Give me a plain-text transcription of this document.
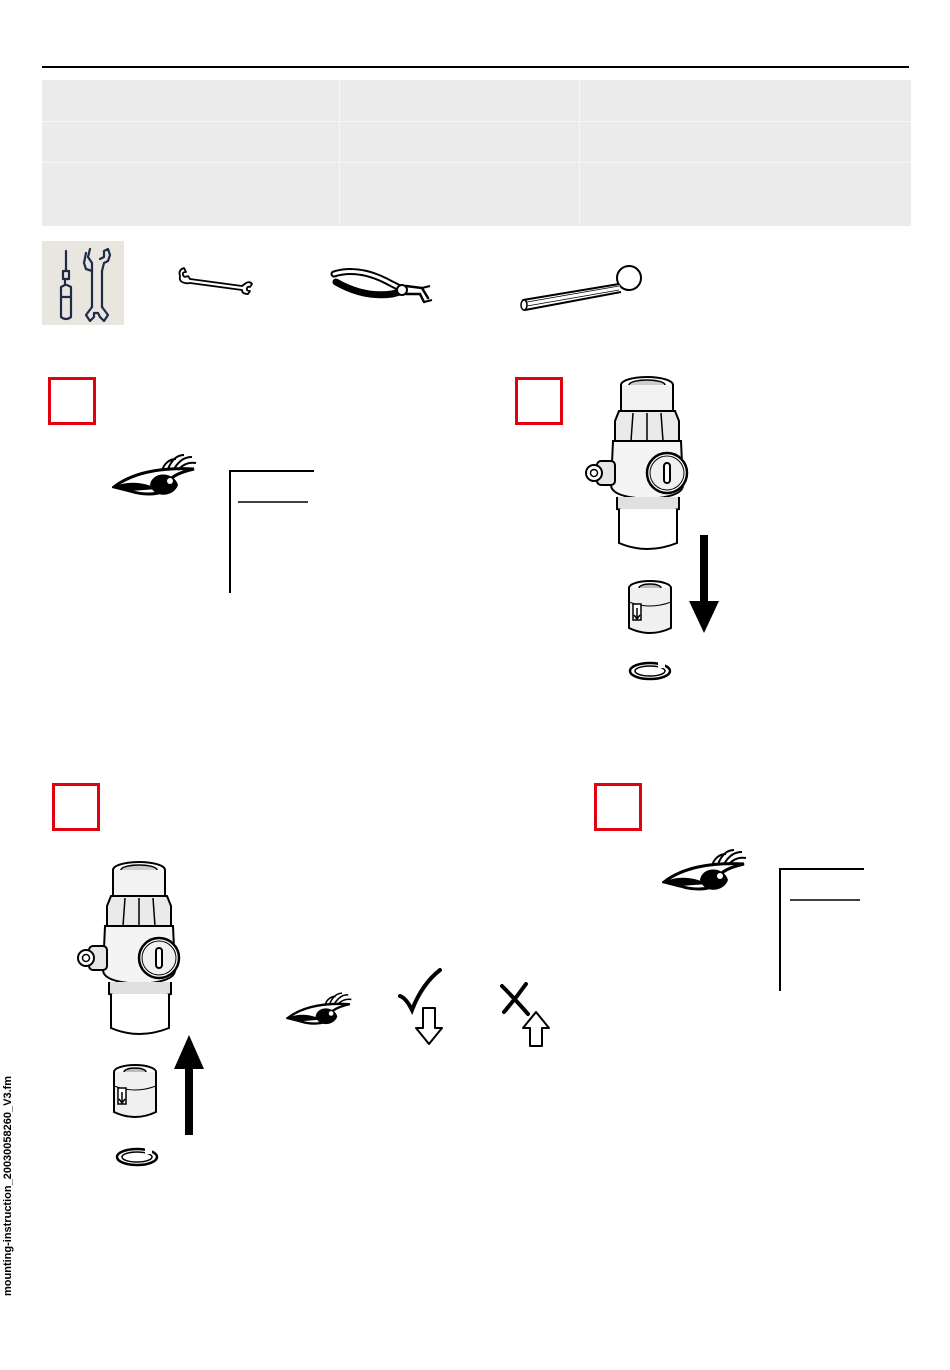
mounting-instruction_20030058260_V3.fm
